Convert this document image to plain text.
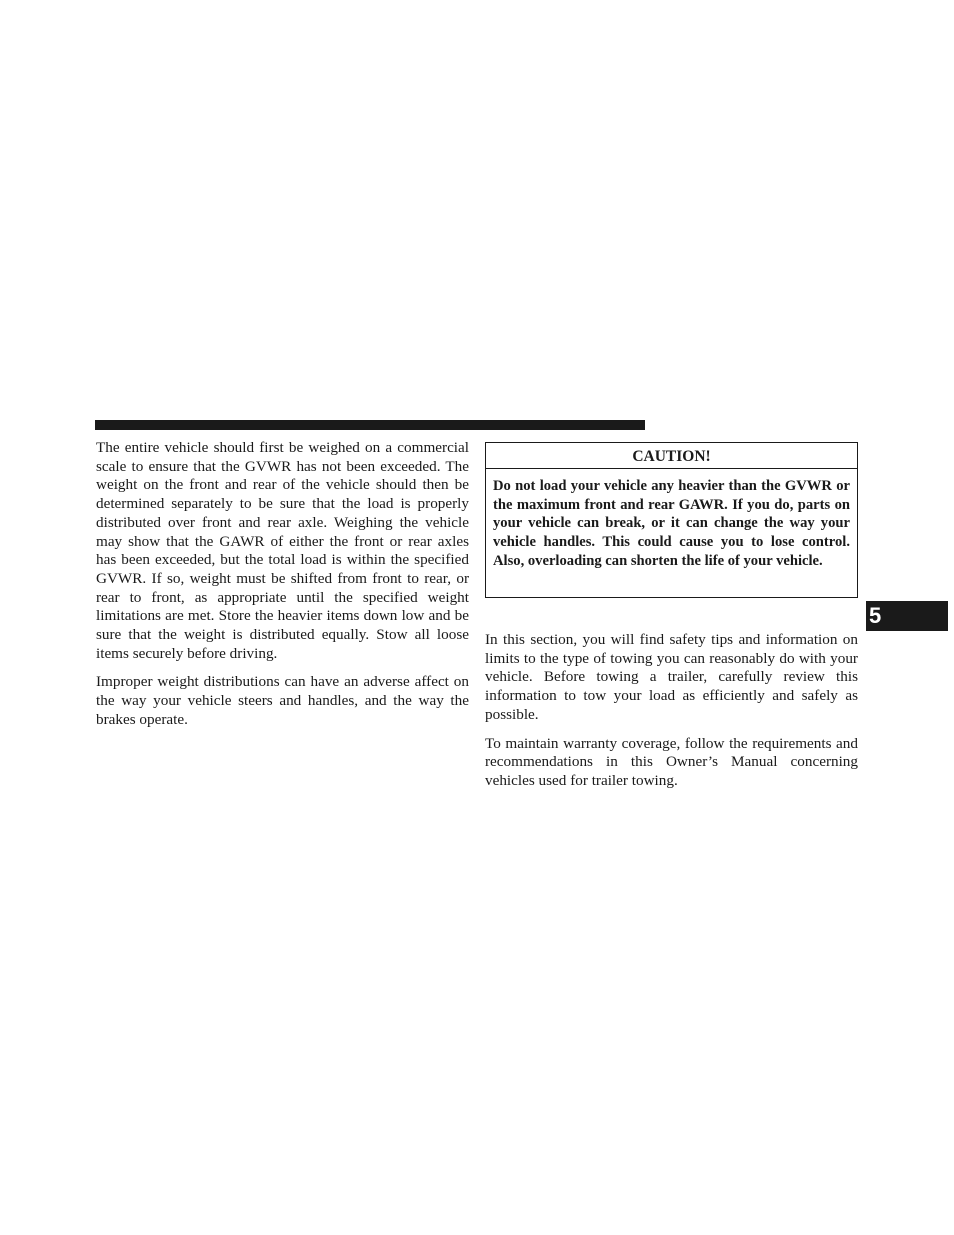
The entire vehicle should first be weighed on a commercial scale to ensure that the GVWR has not been exceeded. The weight on the front and rear of the vehicle should then be determined separately to be sure that the load is properly distributed over front and rear axle. Weighing the vehicle may show that the GAWR of either the front or rear axles has been exceeded, but the total load is within the specified GVWR. If so, weight must be shifted from front to rear, or rear to front, as appropriate until the specified weight limitations are met. Store the heavier items down low and be sure that the weight is distributed equally. Stow all loose items securely before driving.

Improper weight distributions can have an adverse affect on the way your vehicle steers and handles, and the way the brakes operate.

CAUTION!
Do not load your vehicle any heavier than the GVWR or the maximum front and rear GAWR. If you do, parts on your vehicle can break, or it can change the way your vehicle handles. This could cause you to lose control. Also, overloading can shorten the life of your vehicle.

In this section, you will find safety tips and information on limits to the type of towing you can reasonably do with your vehicle. Before towing a trailer, carefully review this information to tow your load as efficiently and safely as possible.

To maintain warranty coverage, follow the requirements and recommendations in this Owner’s Manual concerning vehicles used for trailer towing.

5
